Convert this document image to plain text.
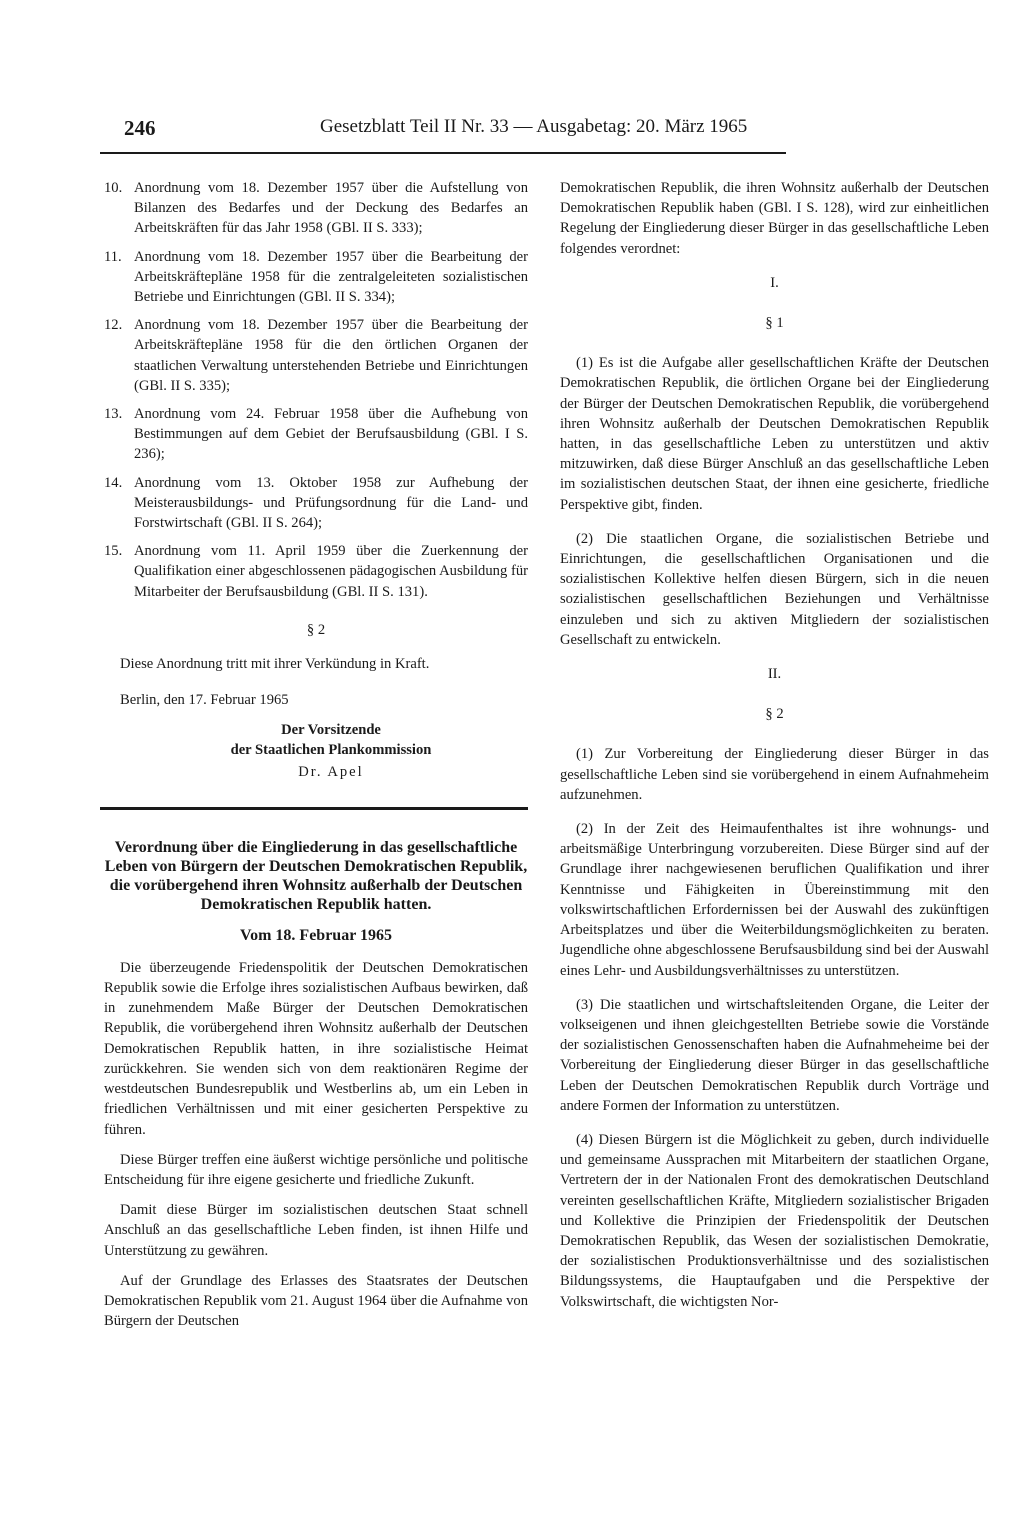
246	Gesetzblatt Teil II Nr. 33 — Ausgabetag: 20. März 1965
10. Anordnung vom 18. Dezember 1957 über die Aufstellung von Bilanzen des Bedarfes und der Deckung des Bedarfes an Arbeitskräften für das Jahr 1958 (GBl. II S. 333);
11. Anordnung vom 18. Dezember 1957 über die Bearbeitung der Arbeitskräftepläne 1958 für die zentralgeleiteten sozialistischen Betriebe und Einrichtungen (GBl. II S. 334);
12. Anordnung vom 18. Dezember 1957 über die Bearbeitung der Arbeitskräftepläne 1958 für die den örtlichen Organen der staatlichen Verwaltung unterstehenden Betriebe und Einrichtungen (GBl. II S. 335);
13. Anordnung vom 24. Februar 1958 über die Aufhebung von Bestimmungen auf dem Gebiet der Berufsausbildung (GBl. I S. 236);
14. Anordnung vom 13. Oktober 1958 zur Aufhebung der Meisterausbildungs- und Prüfungsordnung für die Land- und Forstwirtschaft (GBl. II S. 264);
15. Anordnung vom 11. April 1959 über die Zuerkennung der Qualifikation einer abgeschlossenen pädagogischen Ausbildung für Mitarbeiter der Berufsausbildung (GBl. II S. 131).
§ 2

Diese Anordnung tritt mit ihrer Verkündung in Kraft.

Berlin, den 17. Februar 1965
Der Vorsitzende
der Staatlichen Plankommission
Dr. Apel
Verordnung über die Eingliederung in das gesellschaftliche Leben von Bürgern der Deutschen Demokratischen Republik, die vorübergehend ihren Wohnsitz außerhalb der Deutschen Demokratischen Republik hatten.
Vom 18. Februar 1965

Die überzeugende Friedenspolitik der Deutschen Demokratischen Republik sowie die Erfolge ihres sozialistischen Aufbaus bewirken, daß in zunehmendem Maße Bürger der Deutschen Demokratischen Republik, die vorübergehend ihren Wohnsitz außerhalb der Deutschen Demokratischen Republik hatten, in ihre sozialistische Heimat zurückkehren. Sie wenden sich von dem reaktionären Regime der westdeutschen Bundesrepublik und Westberlins ab, um ein Leben in friedlichen Verhältnissen und mit einer gesicherten Perspektive zu führen.

Diese Bürger treffen eine äußerst wichtige persönliche und politische Entscheidung für ihre eigene gesicherte und friedliche Zukunft.

Damit diese Bürger im sozialistischen deutschen Staat schnell Anschluß an das gesellschaftliche Leben finden, ist ihnen Hilfe und Unterstützung zu gewähren.

Auf der Grundlage des Erlasses des Staatsrates der Deutschen Demokratischen Republik vom 21. August 1964 über die Aufnahme von Bürgern der Deutschen

Demokratischen Republik, die ihren Wohnsitz außerhalb der Deutschen Demokratischen Republik haben (GBl. I S. 128), wird zur einheitlichen Regelung der Eingliederung dieser Bürger in das gesellschaftliche Leben folgendes verordnet:

I.
§ 1

(1) Es ist die Aufgabe aller gesellschaftlichen Kräfte der Deutschen Demokratischen Republik, die örtlichen Organe bei der Eingliederung der Bürger der Deutschen Demokratischen Republik, die vorübergehend ihren Wohnsitz außerhalb der Deutschen Demokratischen Republik hatten, in das gesellschaftliche Leben zu unterstützen und aktiv mitzuwirken, daß diese Bürger Anschluß an das gesellschaftliche Leben im sozialistischen deutschen Staat, der ihnen eine gesicherte, friedliche Perspektive gibt, finden.

(2) Die staatlichen Organe, die sozialistischen Betriebe und Einrichtungen, die gesellschaftlichen Organisationen und die sozialistischen Kollektive helfen diesen Bürgern, sich in die neuen sozialistischen gesellschaftlichen Beziehungen und Verhältnisse einzuleben und sich zu aktiven Mitgliedern der sozialistischen Gesellschaft zu entwickeln.

II.
§ 2

(1) Zur Vorbereitung der Eingliederung dieser Bürger in das gesellschaftliche Leben sind sie vorübergehend in einem Aufnahmeheim aufzunehmen.

(2) In der Zeit des Heimaufenthaltes ist ihre wohnungs- und arbeitsmäßige Unterbringung vorzubereiten. Diese Bürger sind auf der Grundlage ihrer nachgewiesenen beruflichen Qualifikation und ihrer Kenntnisse und Fähigkeiten in Übereinstimmung mit den volkswirtschaftlichen Erfordernissen bei der Auswahl des zukünftigen Arbeitsplatzes und über die Weiterbildungsmöglichkeiten zu beraten. Jugendliche ohne abgeschlossene Berufsausbildung sind bei der Auswahl eines Lehr- und Ausbildungsverhältnisses zu unterstützen.

(3) Die staatlichen und wirtschaftsleitenden Organe, die Leiter der volkseigenen und ihnen gleichgestellten Betriebe sowie die Vorstände der sozialistischen Genossenschaften haben die Aufnahmeheime bei der Vorbereitung der Eingliederung dieser Bürger in das gesellschaftliche Leben der Deutschen Demokratischen Republik durch Vorträge und andere Formen der Information zu unterstützen.

(4) Diesen Bürgern ist die Möglichkeit zu geben, durch individuelle und gemeinsame Aussprachen mit Mitarbeitern der staatlichen Organe, Vertretern der in der Nationalen Front des demokratischen Deutschland vereinten gesellschaftlichen Kräfte, Mitgliedern sozialistischer Brigaden und Kollektive die Prinzipien der Friedenspolitik der Deutschen Demokratischen Republik, das Wesen der sozialistischen Demokratie, der sozialistischen Produktionsverhältnisse und des sozialistischen Bildungssystems, die Hauptaufgaben und die Perspektive der Volkswirtschaft, die wichtigsten Nor-
